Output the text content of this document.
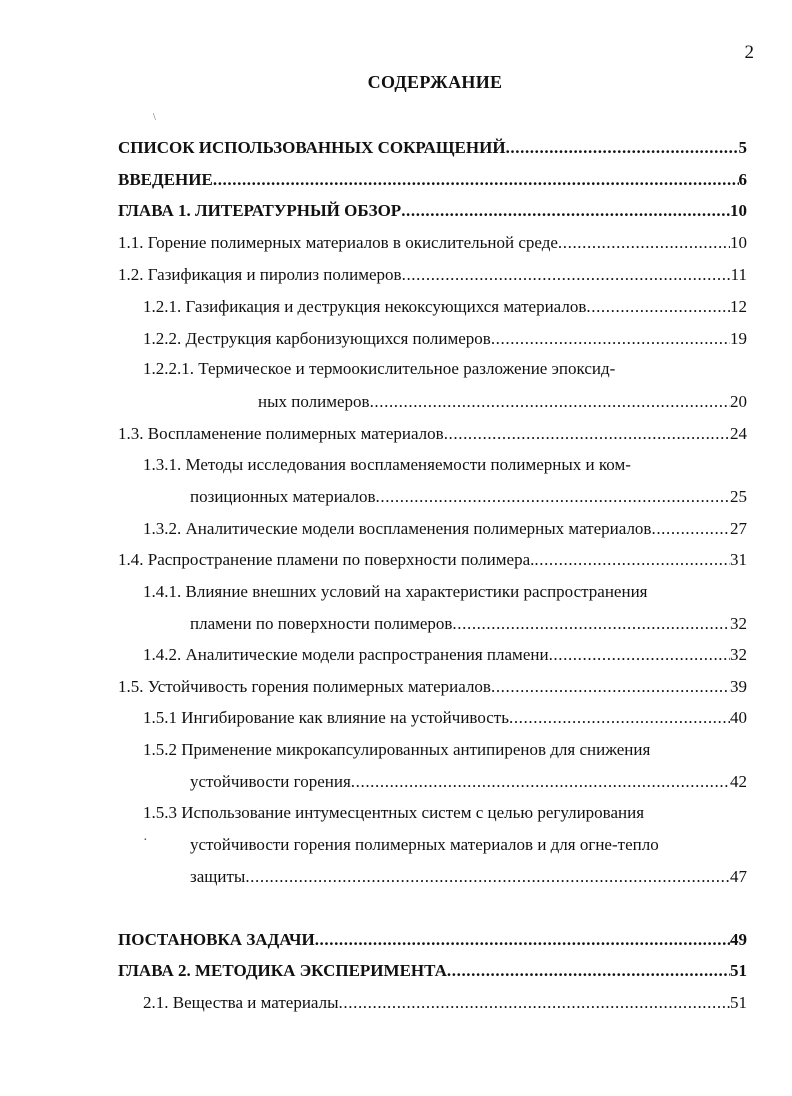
2
СОДЕРЖАНИЕ
\
·
СПИСОК ИСПОЛЬЗОВАННЫХ СОКРАЩЕНИЙ .....	5
ВВЕДЕНИЕ .....	6
ГЛАВА 1. ЛИТЕРАТУРНЫЙ ОБЗОР .....	10
1.1. Горение полимерных материалов в окислительной среде .....	10
1.2. Газификация и пиролиз полимеров .....	11
1.2.1. Газификация и деструкция некоксующихся материалов .....	12
1.2.2. Деструкция карбонизующихся полимеров .....	19
1.2.2.1. Термическое и термоокислительное разложение эпоксид-
ных полимеров .....	20
1.3. Воспламенение полимерных материалов .....	24
1.3.1. Методы исследования воспламеняемости полимерных и ком-
позиционных материалов .....	25
1.3.2. Аналитические модели воспламенения полимерных материалов .....	27
1.4. Распространение пламени по поверхности полимера. .....	31
1.4.1. Влияние внешних условий на характеристики распространения
пламени по поверхности полимеров .....	32
1.4.2. Аналитические модели распространения пламени .....	32
1.5. Устойчивость горения полимерных материалов .....	39
1.5.1 Ингибирование как влияние на устойчивость .....	40
1.5.2 Применение микрокапсулированных антипиренов для снижения
устойчивости горения .....	42
1.5.3 Использование интумесцентных систем с целью регулирования
устойчивости горения полимерных материалов и для огне-тепло
защиты .....	47
ПОСТАНОВКА ЗАДАЧИ .....	49
ГЛАВА 2. МЕТОДИКА ЭКСПЕРИМЕНТА .....	51
2.1. Вещества и материалы .....	51
